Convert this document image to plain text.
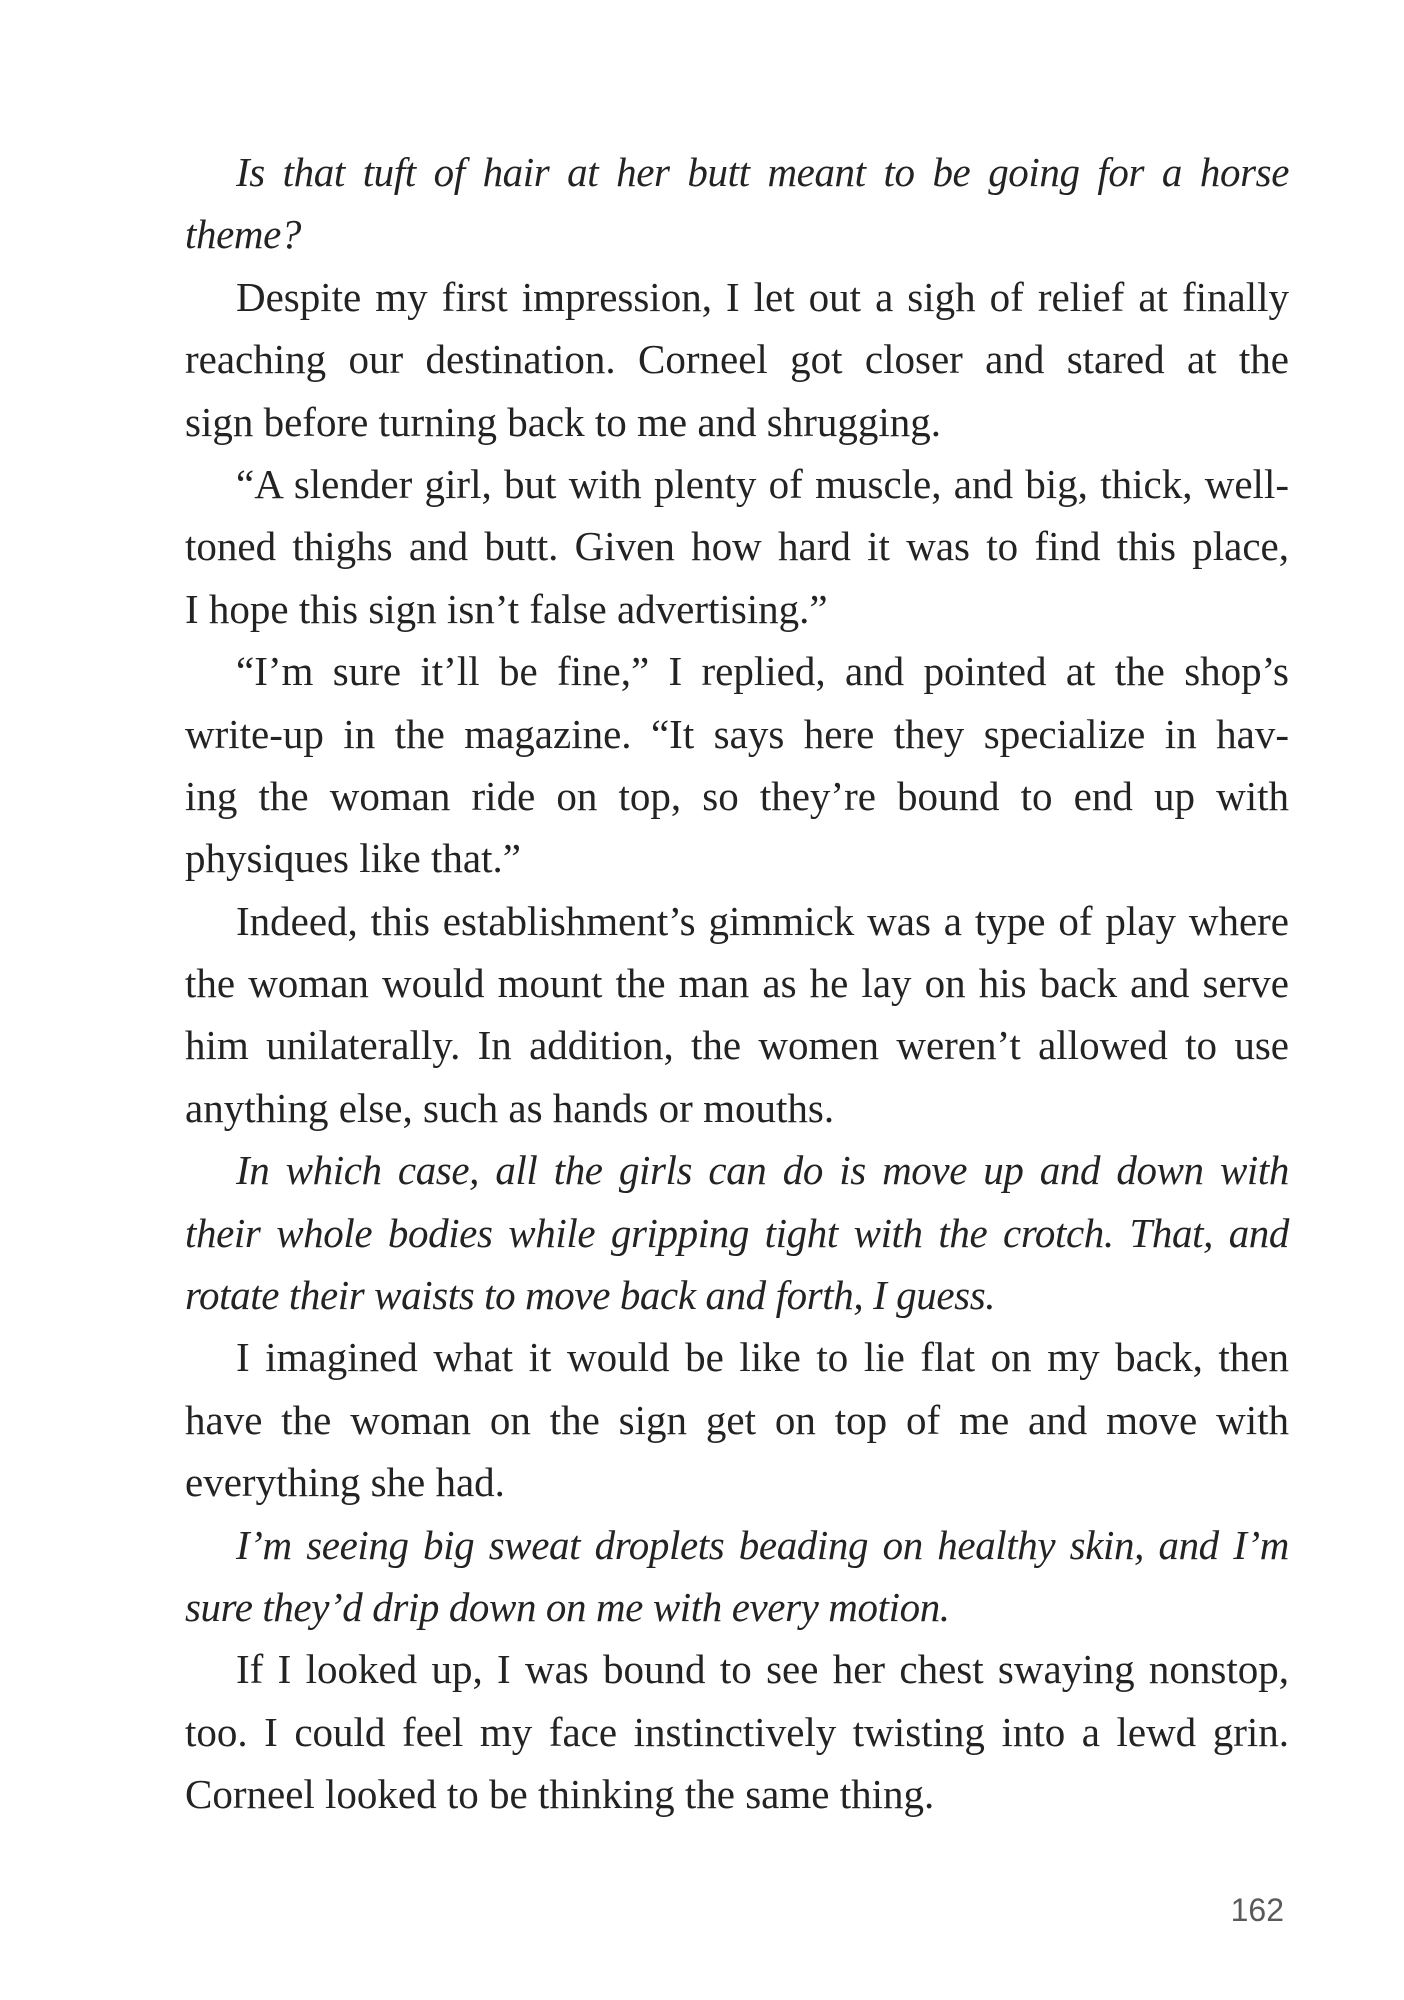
Is that tuft of hair at her butt meant to be going for a horse
theme?
Despite my first impression, I let out a sigh of relief at finally
reaching our destination. Corneel got closer and stared at the
sign before turning back to me and shrugging.
“A slender girl, but with plenty of muscle, and big, thick, well-
toned thighs and butt. Given how hard it was to find this place,
I hope this sign isn’t false advertising.”
“I’m sure it’ll be fine,” I replied, and pointed at the shop’s
write-up in the magazine. “It says here they specialize in hav-
ing the woman ride on top, so they’re bound to end up with
physiques like that.”
Indeed, this establishment’s gimmick was a type of play where
the woman would mount the man as he lay on his back and serve
him unilaterally. In addition, the women weren’t allowed to use
anything else, such as hands or mouths.
In which case, all the girls can do is move up and down with
their whole bodies while gripping tight with the crotch. That, and
rotate their waists to move back and forth, I guess.
I imagined what it would be like to lie flat on my back, then
have the woman on the sign get on top of me and move with
everything she had.
I’m seeing big sweat droplets beading on healthy skin, and I’m
sure they’d drip down on me with every motion.
If I looked up, I was bound to see her chest swaying nonstop,
too. I could feel my face instinctively twisting into a lewd grin.
Corneel looked to be thinking the same thing.
162
